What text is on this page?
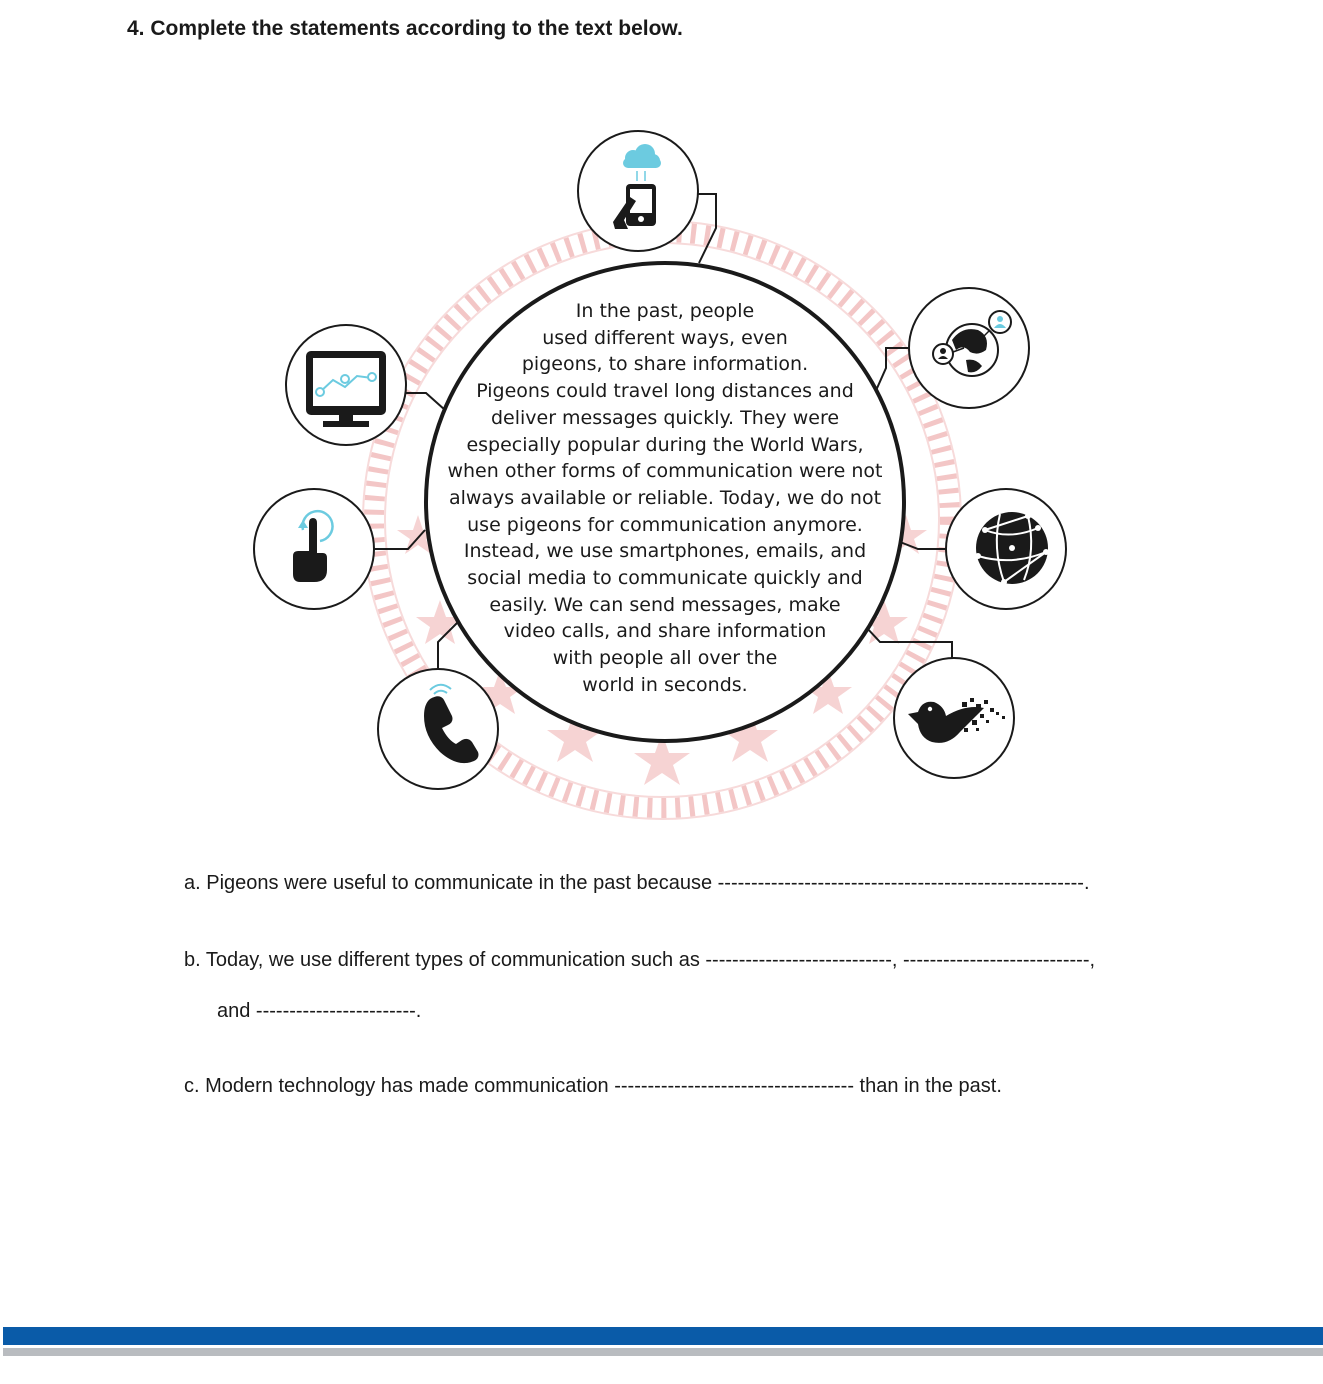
4. Complete the statements according to the text below.
In the past, people
used different ways, even
pigeons, to share information.
Pigeons could travel long distances and
deliver messages quickly. They were
especially popular during the World Wars,
when other forms of communication were not
always available or reliable. Today, we do not
use pigeons for communication anymore.
Instead, we use smartphones, emails, and
social media to communicate quickly and
easily. We can send messages, make
video calls, and share information
with people all over the
world in seconds.

a. Pigeons were useful to communicate in the past because -------------------------------------------------------.

b. Today, we use different types of communication such as ----------------------------, ----------------------------,

and ------------------------.

c. Modern technology has made communication ------------------------------------ than in the past.
